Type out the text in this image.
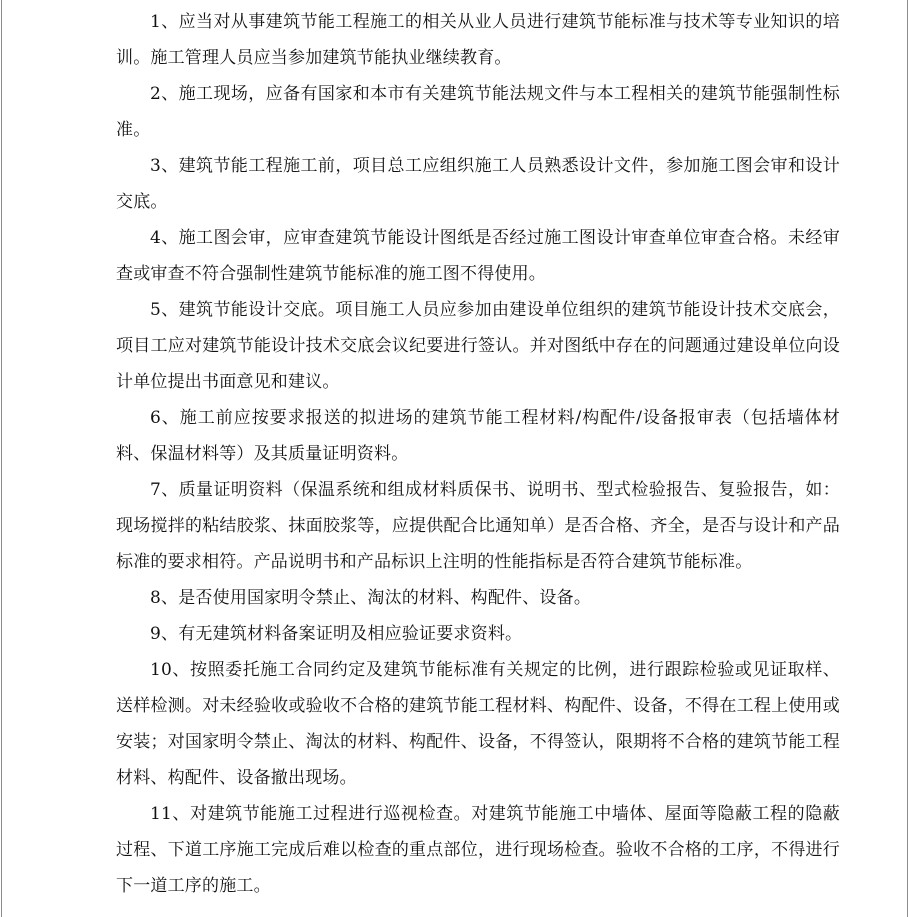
1、应当对从事建筑节能工程施工的相关从业人员进行建筑节能标准与技术等专业知识的培训。施工管理人员应当参加建筑节能执业继续教育。

2、施工现场，应备有国家和本市有关建筑节能法规文件与本工程相关的建筑节能强制性标准。

3、建筑节能工程施工前，项目总工应组织施工人员熟悉设计文件，参加施工图会审和设计交底。

4、施工图会审，应审查建筑节能设计图纸是否经过施工图设计审查单位审查合格。未经审查或审查不符合强制性建筑节能标准的施工图不得使用。

5、建筑节能设计交底。项目施工人员应参加由建设单位组织的建筑节能设计技术交底会，项目工应对建筑节能设计技术交底会议纪要进行签认。并对图纸中存在的问题通过建设单位向设计单位提出书面意见和建议。

6、施工前应按要求报送的拟进场的建筑节能工程材料/构配件/设备报审表（包括墙体材料、保温材料等）及其质量证明资料。

7、质量证明资料（保温系统和组成材料质保书、说明书、型式检验报告、复验报告，如：现场搅拌的粘结胶浆、抹面胶浆等，应提供配合比通知单）是否合格、齐全，是否与设计和产品标准的要求相符。产品说明书和产品标识上注明的性能指标是否符合建筑节能标准。

8、是否使用国家明令禁止、淘汰的材料、构配件、设备。

9、有无建筑材料备案证明及相应验证要求资料。

10、按照委托施工合同约定及建筑节能标准有关规定的比例，进行跟踪检验或见证取样、送样检测。对未经验收或验收不合格的建筑节能工程材料、构配件、设备，不得在工程上使用或安装；对国家明令禁止、淘汰的材料、构配件、设备，不得签认，限期将不合格的建筑节能工程材料、构配件、设备撤出现场。

11、对建筑节能施工过程进行巡视检查。对建筑节能施工中墙体、屋面等隐蔽工程的隐蔽过程、下道工序施工完成后难以检查的重点部位，进行现场检查。验收不合格的工序，不得进行下一道工序的施工。
